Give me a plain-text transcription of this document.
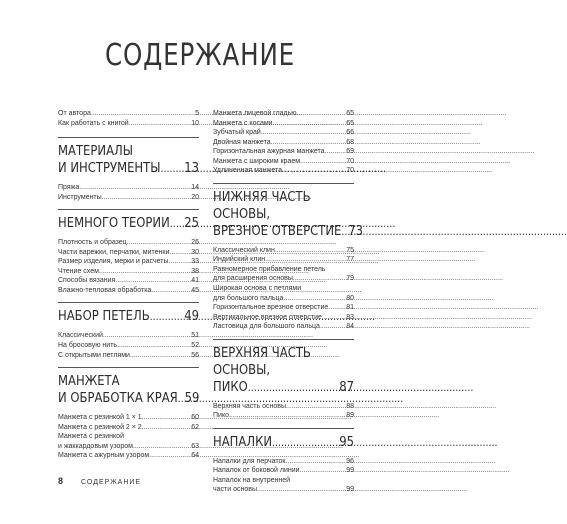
СОДЕРЖАНИЕ
От автора .....	5
Как работать с книгой .....	10
МАТЕРИАЛЫ
И ИНСТРУМЕНТЫ ..... 13
Пряжа .....	14
Инструменты .....	20
НЕМНОГО ТЕОРИИ ..... 25
Плотность и образец .....	26
Части варежки, перчатки, митенки .....	30
Размер изделия, мерки и расчеты .....	33
Чтение схем .....	38
Способы вязания .....	41
Влажно-тепловая обработка .....	45
НАБОР ПЕТЕЛЬ .....	49
Классический .....	51
На бросовую нить .....	52
С открытыми петлями .....	56
МАНЖЕТА
И ОБРАБОТКА КРАЯ ..... 59
Манжета с резинкой 1 × 1 .....	60
Манжета с резинкой 2 × 2 .....	62
Манжета с резинкой
и жаккардовым узором .....	63
Манжета с ажурным узором .....	64
Манжета лицевой гладью .....	65
Манжета с косами .....	65
Зубчатый край .....	66
Двойная манжета .....	68
Горизонтальная ажурная манжета .....	69
Манжета с широким краем .....	70
Удлиненная манжета .....	70
НИЖНЯЯ ЧАСТЬ ОСНОВЫ,
ВРЕЗНОЕ ОТВЕРСТИЕ ..... 73
Классический клин .....	75
Индийский клин .....	77
Равномерное прибавление петель
для расширения основы .....	79
Широкая основа с петлями
для большого пальца .....	80
Горизонтальное врезное отверстие .....	81
Вертикальное врезное отверстие .....	83
Ластовица для большого пальца .....	84
ВЕРХНЯЯ ЧАСТЬ ОСНОВЫ,
ПИКО .....	87
Верхняя часть основы .....	88
Пико .....	89
НАПАЛКИ .....	95
Напалки для перчаток .....	96
Напалок от боковой линии .....	99
Напалок на внутренней
части основы .....	99
8	СОДЕРЖАНИЕ
